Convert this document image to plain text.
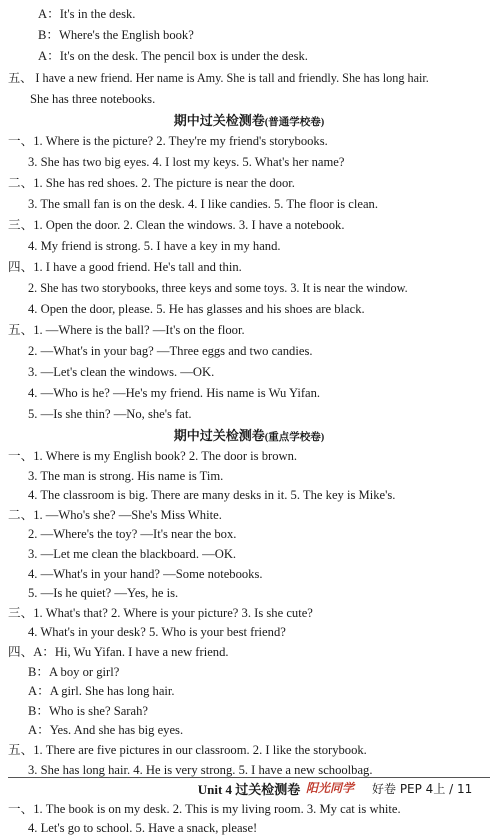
A：It's in the desk.
B：Where's the English book?
A：It's on the desk. The pencil box is under the desk.
五、 I have a new friend. Her name is Amy. She is tall and friendly. She has long hair.
She has three notebooks.
期中过关检测卷(普通学校卷)
一、1. Where is the picture? 2. They're my friend's storybooks.
3. She has two big eyes. 4. I lost my keys. 5. What's her name?
二、1. She has red shoes. 2. The picture is near the door.
3. The small fan is on the desk. 4. I like candies. 5. The floor is clean.
三、1. Open the door. 2. Clean the windows. 3. I have a notebook.
4. My friend is strong. 5. I have a key in my hand.
四、1. I have a good friend. He's tall and thin.
2. She has two storybooks, three keys and some toys. 3. It is near the window.
4. Open the door, please. 5. He has glasses and his shoes are black.
五、1. —Where is the ball? —It's on the floor.
2. —What's in your bag? —Three eggs and two candies.
3. —Let's clean the windows. —OK.
4. —Who is he? —He's my friend. His name is Wu Yifan.
5. —Is she thin? —No, she's fat.
期中过关检测卷(重点学校卷)
一、1. Where is my English book? 2. The door is brown.
3. The man is strong. His name is Tim.
4. The classroom is big. There are many desks in it. 5. The key is Mike's.
二、1. —Who's she? —She's Miss White.
2. —Where's the toy? —It's near the box.
3. —Let me clean the blackboard. —OK.
4. —What's in your hand? —Some notebooks.
5. —Is he quiet? —Yes, he is.
三、1. What's that? 2. Where is your picture? 3. Is she cute?
4. What's in your desk? 5. Who is your best friend?
四、A：Hi, Wu Yifan. I have a new friend.
B：A boy or girl?
A：A girl. She has long hair.
B：Who is she? Sarah?
A：Yes. And she has big eyes.
五、1. There are five pictures in our classroom. 2. I like the storybook.
3. She has long hair. 4. He is very strong. 5. I have a new schoolbag.
Unit 4 过关检测卷
一、1. The book is on my desk. 2. This is my living room. 3. My cat is white.
4. Let's go to school. 5. Have a snack, please!
阳光同学 好卷 PEP 4上 / 11
